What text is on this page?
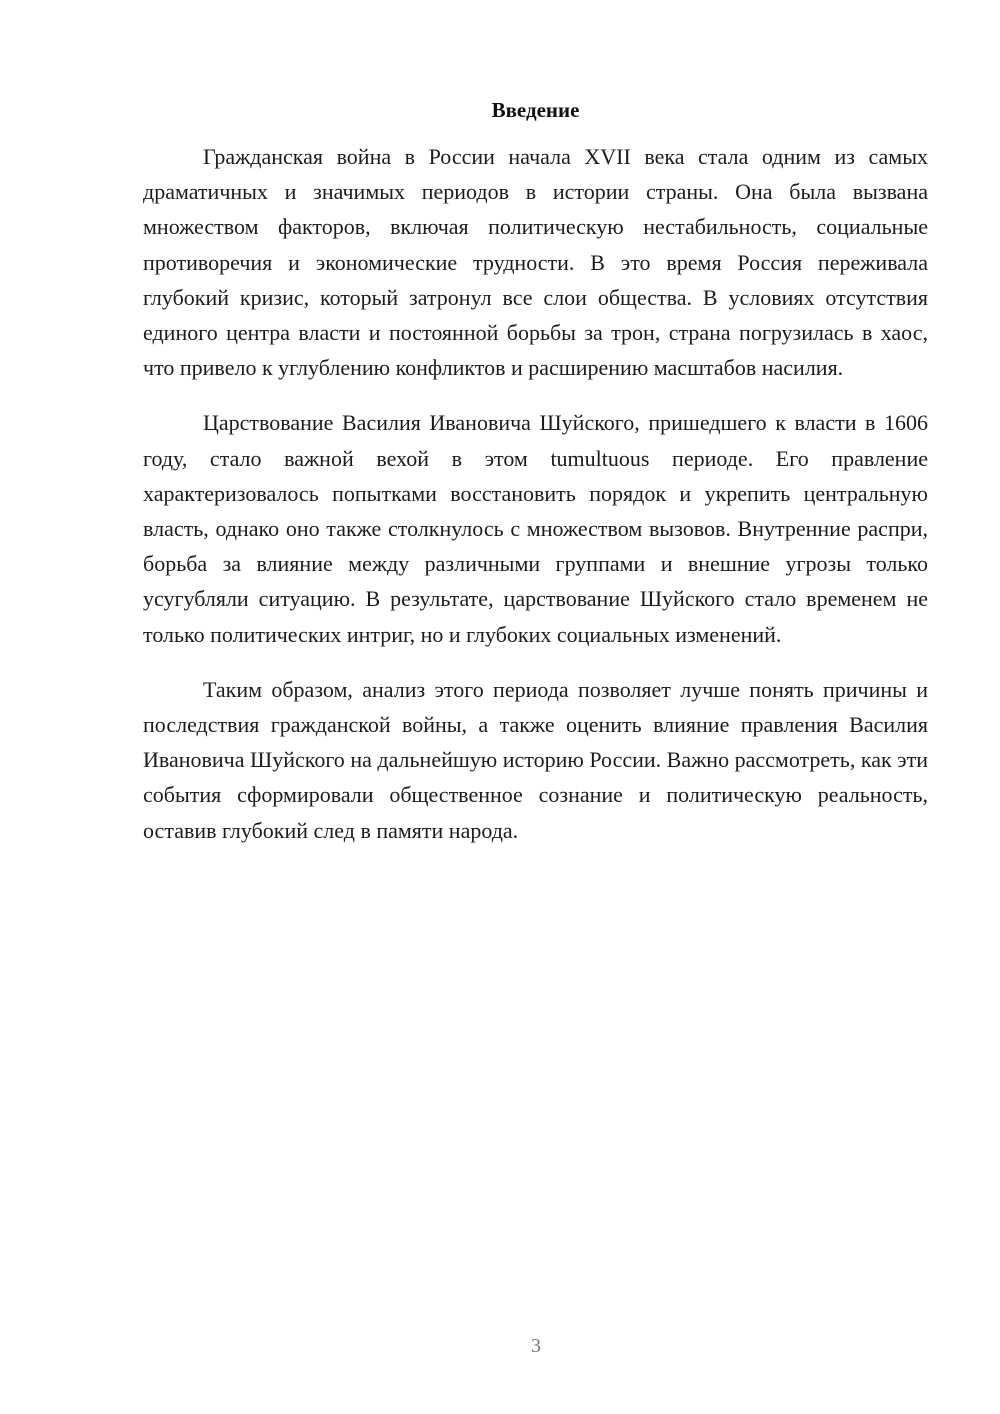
Введение

Гражданская война в России начала XVII века стала одним из самых драматичных и значимых периодов в истории страны. Она была вызвана множеством факторов, включая политическую нестабильность, социальные противоречия и экономические трудности. В это время Россия переживала глубокий кризис, который затронул все слои общества. В условиях отсутствия единого центра власти и постоянной борьбы за трон, страна погрузилась в хаос, что привело к углублению конфликтов и расширению масштабов насилия.

Царствование Василия Ивановича Шуйского, пришедшего к власти в 1606 году, стало важной вехой в этом tumultuous периоде. Его правление характеризовалось попытками восстановить порядок и укрепить центральную власть, однако оно также столкнулось с множеством вызовов. Внутренние распри, борьба за влияние между различными группами и внешние угрозы только усугубляли ситуацию. В результате, царствование Шуйского стало временем не только политических интриг, но и глубоких социальных изменений.

Таким образом, анализ этого периода позволяет лучше понять причины и последствия гражданской войны, а также оценить влияние правления Василия Ивановича Шуйского на дальнейшую историю России. Важно рассмотреть, как эти события сформировали общественное сознание и политическую реальность, оставив глубокий след в памяти народа.

3
